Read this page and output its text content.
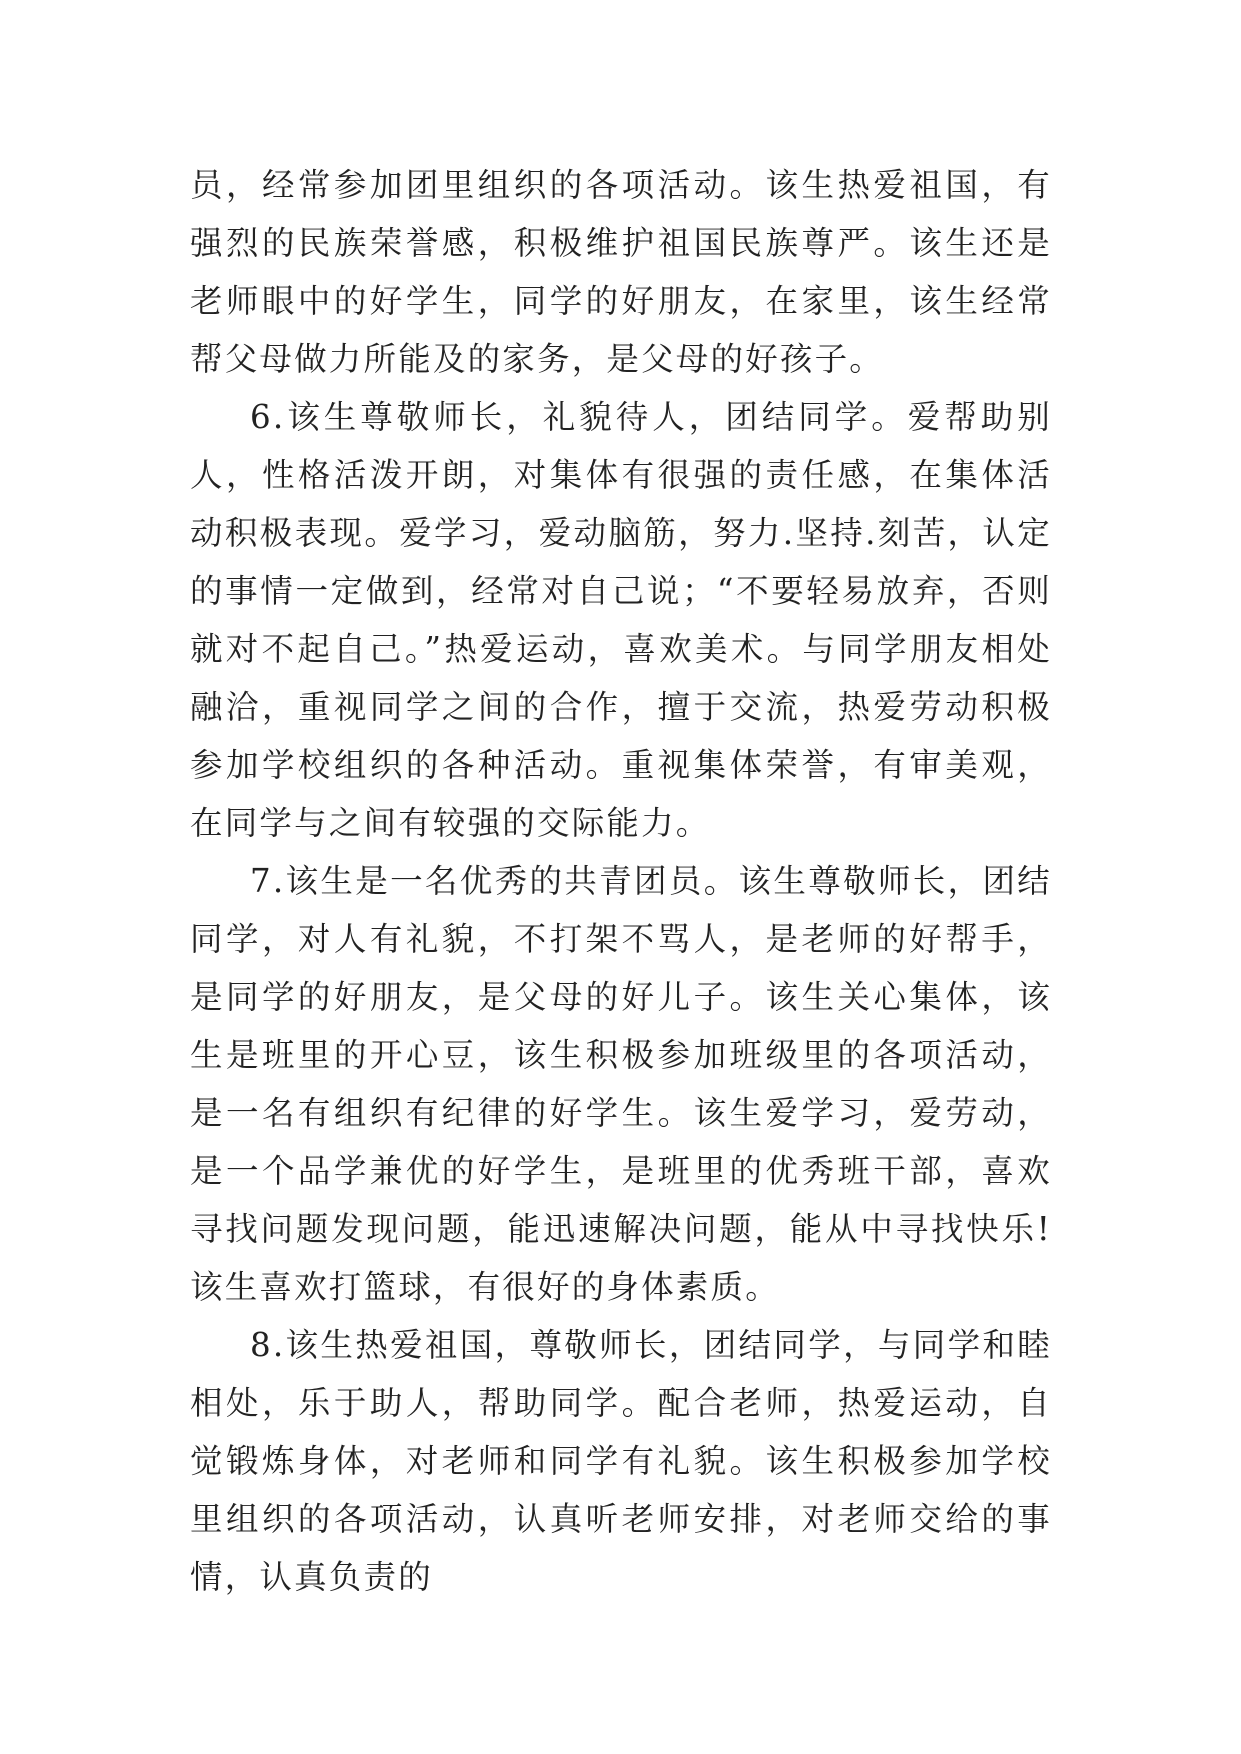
员，经常参加团里组织的各项活动。该生热爱祖国，有强烈的民族荣誉感，积极维护祖国民族尊严。该生还是老师眼中的好学生，同学的好朋友，在家里，该生经常帮父母做力所能及的家务，是父母的好孩子。

6.该生尊敬师长，礼貌待人，团结同学。爱帮助别人，性格活泼开朗，对集体有很强的责任感，在集体活动积极表现。爱学习，爱动脑筋，努力.坚持.刻苦，认定的事情一定做到，经常对自己说；“不要轻易放弃，否则就对不起自己。”热爱运动，喜欢美术。与同学朋友相处融洽，重视同学之间的合作，擅于交流，热爱劳动积极参加学校组织的各种活动。重视集体荣誉，有审美观，在同学与之间有较强的交际能力。

7.该生是一名优秀的共青团员。该生尊敬师长，团结同学，对人有礼貌，不打架不骂人，是老师的好帮手，是同学的好朋友，是父母的好儿子。该生关心集体，该生是班里的开心豆，该生积极参加班级里的各项活动，是一名有组织有纪律的好学生。该生爱学习，爱劳动，是一个品学兼优的好学生，是班里的优秀班干部，喜欢寻找问题发现问题，能迅速解决问题，能从中寻找快乐!该生喜欢打篮球，有很好的身体素质。

8.该生热爱祖国，尊敬师长，团结同学，与同学和睦相处，乐于助人，帮助同学。配合老师，热爱运动，自觉锻炼身体，对老师和同学有礼貌。该生积极参加学校里组织的各项活动，认真听老师安排，对老师交给的事情，认真负责的
